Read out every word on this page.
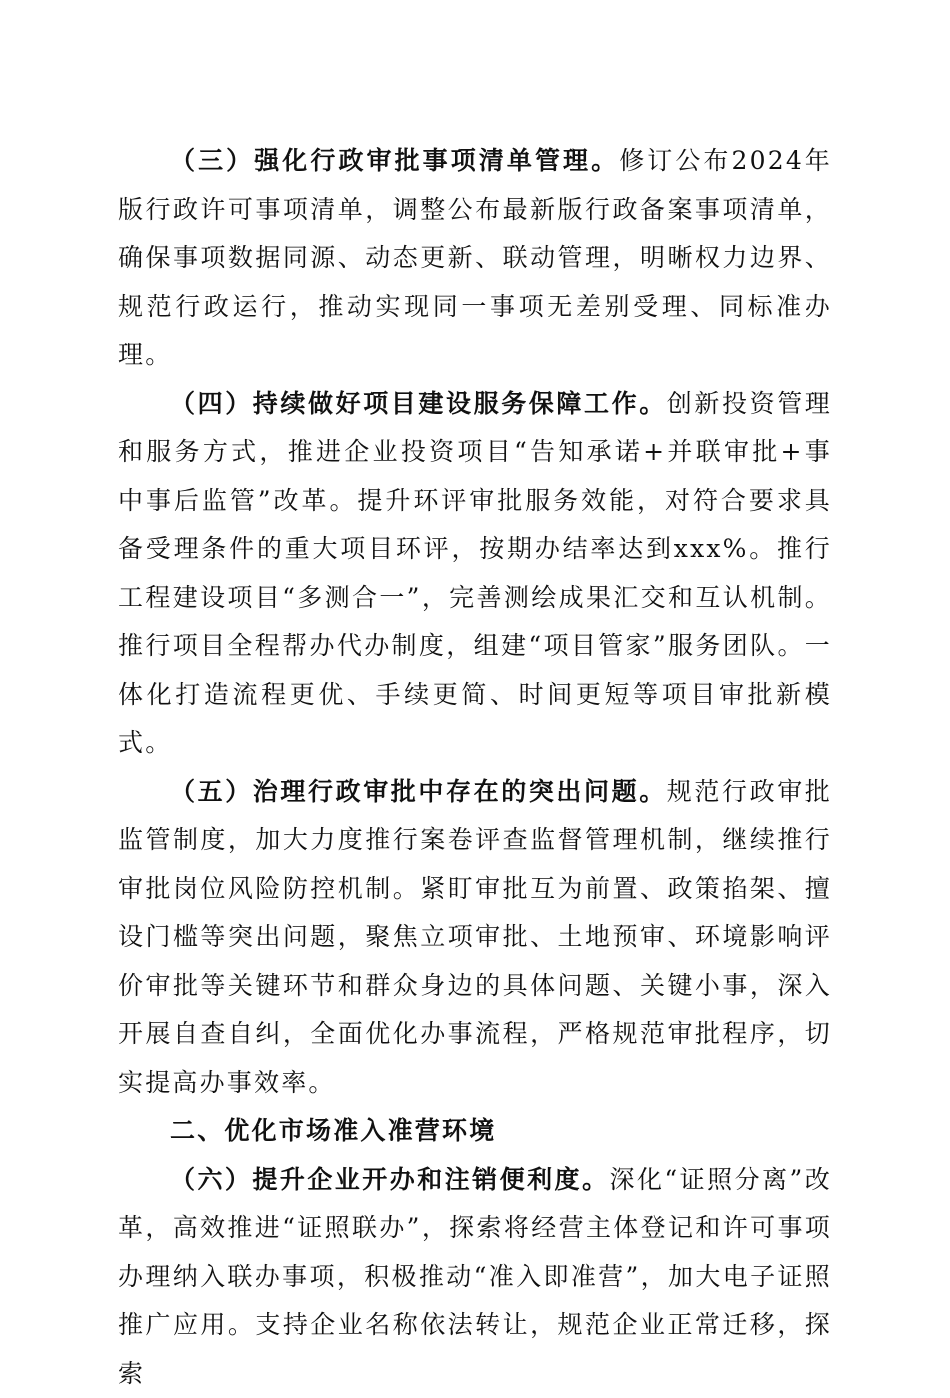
（三）强化行政审批事项清单管理。修订公布2024年版行政许可事项清单，调整公布最新版行政备案事项清单，确保事项数据同源、动态更新、联动管理，明晰权力边界、规范行政运行，推动实现同一事项无差别受理、同标准办理。

（四）持续做好项目建设服务保障工作。创新投资管理和服务方式，推进企业投资项目“告知承诺+并联审批+事中事后监管”改革。提升环评审批服务效能，对符合要求具备受理条件的重大项目环评，按期办结率达到xxx%。推行工程建设项目“多测合一”，完善测绘成果汇交和互认机制。推行项目全程帮办代办制度，组建“项目管家”服务团队。一体化打造流程更优、手续更简、时间更短等项目审批新模式。

（五）治理行政审批中存在的突出问题。规范行政审批监管制度，加大力度推行案卷评查监督管理机制，继续推行审批岗位风险防控机制。紧盯审批互为前置、政策掐架、擅设门槛等突出问题，聚焦立项审批、土地预审、环境影响评价审批等关键环节和群众身边的具体问题、关键小事，深入开展自查自纠，全面优化办事流程，严格规范审批程序，切实提高办事效率。

二、优化市场准入准营环境

（六）提升企业开办和注销便利度。深化“证照分离”改革，高效推进“证照联办”，探索将经营主体登记和许可事项办理纳入联办事项，积极推动“准入即准营”，加大电子证照推广应用。支持企业名称依法转让，规范企业正常迁移，探索
